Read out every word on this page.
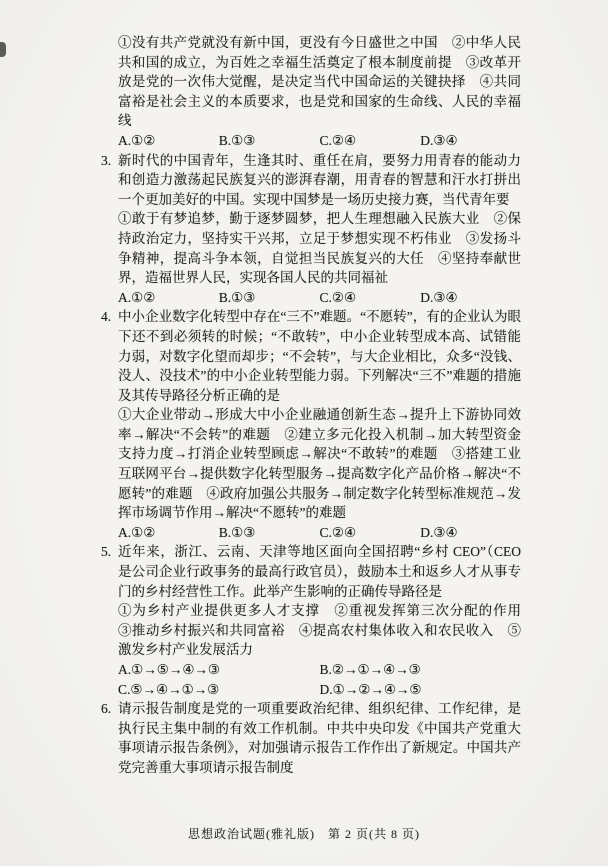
①没有共产党就没有新中国，更没有今日盛世之中国　②中华人民共和国的成立，为百姓之幸福生活奠定了根本制度前提　③改革开放是党的一次伟大觉醒，是决定当代中国命运的关键抉择　④共同富裕是社会主义的本质要求，也是党和国家的生命线、人民的幸福线

A.①②	B.①③	C.②④	D.③④
3. 新时代的中国青年，生逢其时、重任在肩，要努力用青春的能动力和创造力激荡起民族复兴的澎湃春潮，用青春的智慧和汗水打拼出一个更加美好的中国。实现中国梦是一场历史接力赛，当代青年要

①敢于有梦追梦，勤于逐梦圆梦，把人生理想融入民族大业　②保持政治定力，坚持实干兴邦，立足于梦想实现不朽伟业　③发扬斗争精神，提高斗争本领，自觉担当民族复兴的大任　④坚持奉献世界，造福世界人民，实现各国人民的共同福祉

A.①②	B.①③	C.②④	D.③④
4. 中小企业数字化转型中存在“三不”难题。“不愿转”，有的企业认为眼下还不到必须转的时候；“不敢转”，中小企业转型成本高、试错能力弱，对数字化望而却步；“不会转”，与大企业相比，众多“没钱、没人、没技术”的中小企业转型能力弱。下列解决“三不”难题的措施及其传导路径分析正确的是

①大企业带动→形成大中小企业融通创新生态→提升上下游协同效率→解决“不会转”的难题　②建立多元化投入机制→加大转型资金支持力度→打消企业转型顾虑→解决“不敢转”的难题　③搭建工业互联网平台→提供数字化转型服务→提高数字化产品价格→解决“不愿转”的难题　④政府加强公共服务→制定数字化转型标准规范→发挥市场调节作用→解决“不愿转”的难题

A.①②	B.①③	C.②④	D.③④
5. 近年来，浙江、云南、天津等地区面向全国招聘“乡村 CEO”（CEO 是公司企业行政事务的最高行政官员），鼓励本土和返乡人才从事专门的乡村经营性工作。此举产生影响的正确传导路径是

①为乡村产业提供更多人才支撑　②重视发挥第三次分配的作用　③推动乡村振兴和共同富裕　④提高农村集体收入和农民收入　⑤激发乡村产业发展活力

A.①→⑤→④→③	B.②→①→④→③
C.⑤→④→①→③	D.①→②→④→⑤
6. 请示报告制度是党的一项重要政治纪律、组织纪律、工作纪律，是执行民主集中制的有效工作机制。中共中央印发《中国共产党重大事项请示报告条例》，对加强请示报告工作作出了新规定。中国共产党完善重大事项请示报告制度

思想政治试题(雅礼版)　第 2 页(共 8 页)
